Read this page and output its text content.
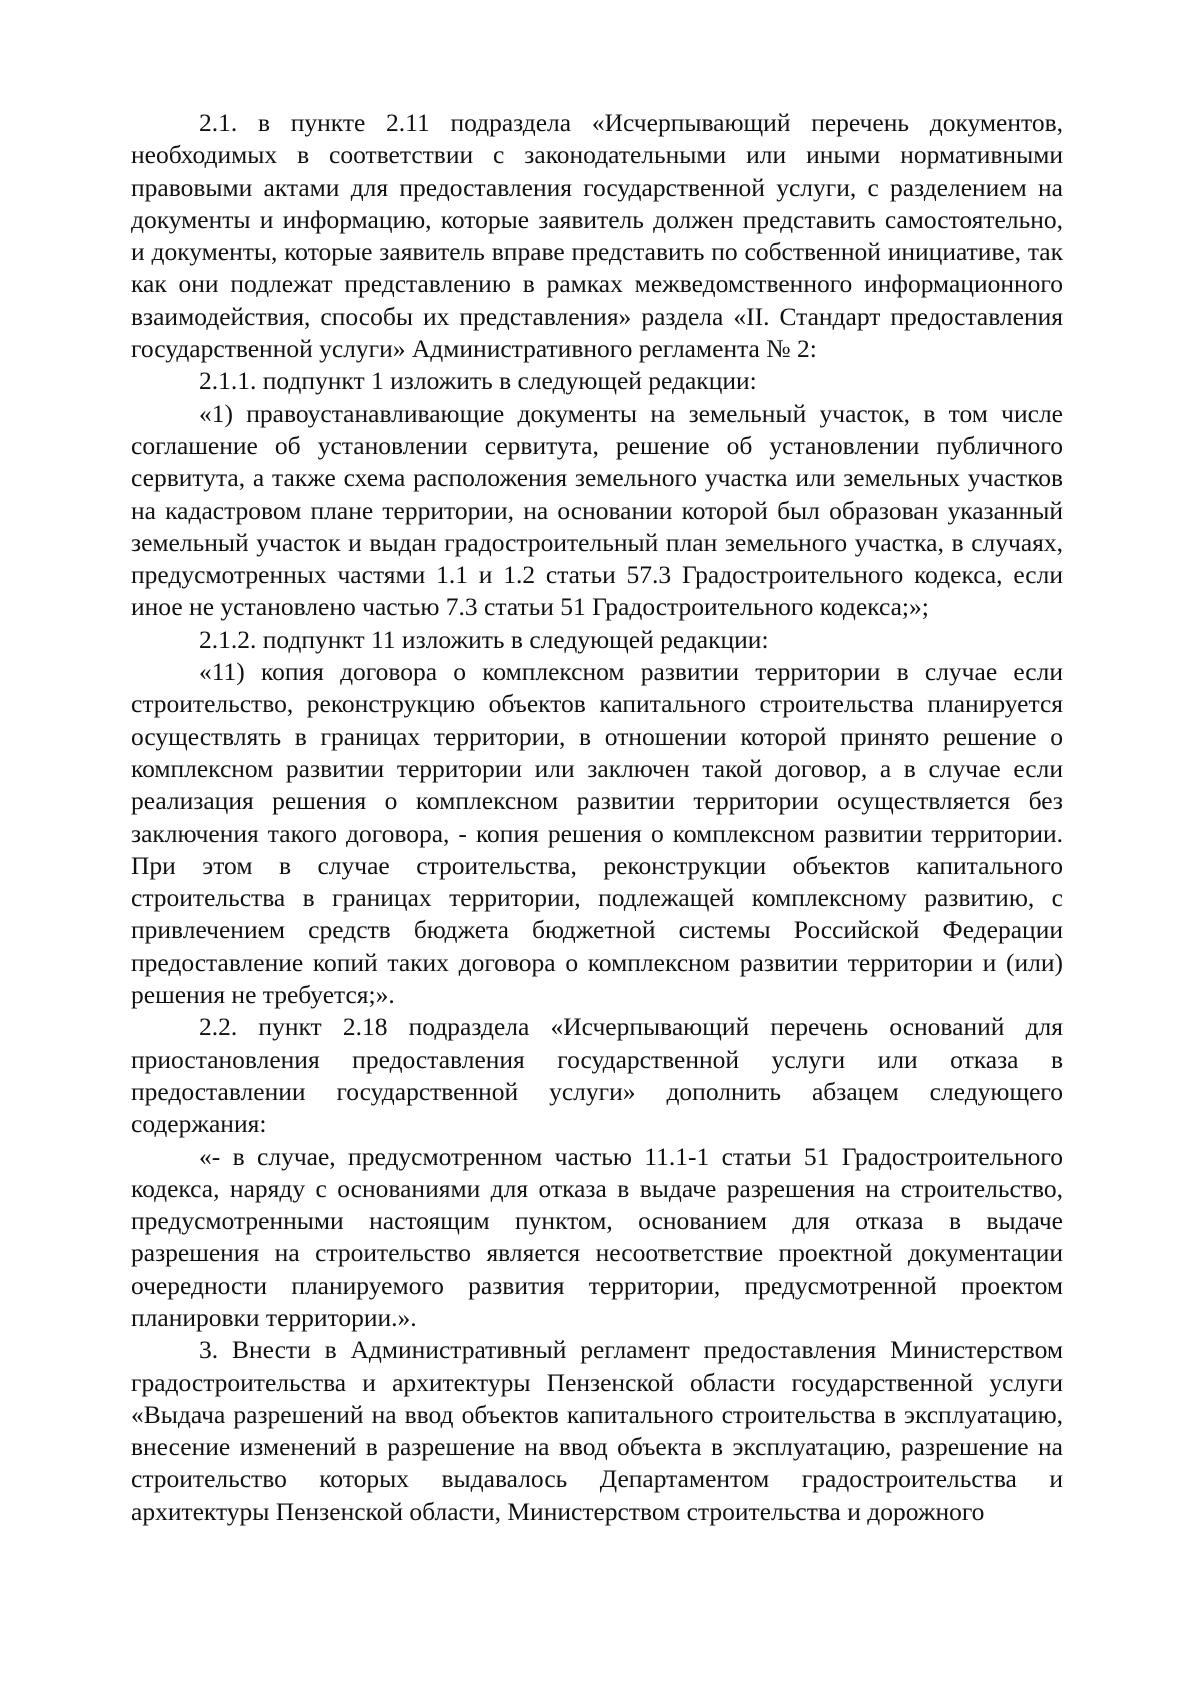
2.1. в пункте 2.11 подраздела «Исчерпывающий перечень документов, необходимых в соответствии с законодательными или иными нормативными правовыми актами для предоставления государственной услуги, с разделением на документы и информацию, которые заявитель должен представить самостоятельно, и документы, которые заявитель вправе представить по собственной инициативе, так как они подлежат представлению в рамках межведомственного информационного взаимодействия, способы их представления» раздела «II. Стандарт предоставления государственной услуги» Административного регламента № 2:

2.1.1. подпункт 1 изложить в следующей редакции:

«1) правоустанавливающие документы на земельный участок, в том числе соглашение об установлении сервитута, решение об установлении публичного сервитута, а также схема расположения земельного участка или земельных участков на кадастровом плане территории, на основании которой был образован указанный земельный участок и выдан градостроительный план земельного участка, в случаях, предусмотренных частями 1.1 и 1.2 статьи 57.3 Градостроительного кодекса, если иное не установлено частью 7.3 статьи 51 Градостроительного кодекса;»;

2.1.2. подпункт 11 изложить в следующей редакции:

«11) копия договора о комплексном развитии территории в случае если строительство, реконструкцию объектов капитального строительства планируется осуществлять в границах территории, в отношении которой принято решение о комплексном развитии территории или заключен такой договор, а в случае если реализация решения о комплексном развитии территории осуществляется без заключения такого договора, - копия решения о комплексном развитии территории. При этом в случае строительства, реконструкции объектов капитального строительства в границах территории, подлежащей комплексному развитию, с привлечением средств бюджета бюджетной системы Российской Федерации предоставление копий таких договора о комплексном развитии территории и (или) решения не требуется;».

2.2. пункт 2.18 подраздела «Исчерпывающий перечень оснований для приостановления предоставления государственной услуги или отказа в предоставлении государственной услуги» дополнить абзацем следующего содержания:

«- в случае, предусмотренном частью 11.1-1 статьи 51 Градостроительного кодекса, наряду с основаниями для отказа в выдаче разрешения на строительство, предусмотренными настоящим пунктом, основанием для отказа в выдаче разрешения на строительство является несоответствие проектной документации очередности планируемого развития территории, предусмотренной проектом планировки территории.».

3. Внести в Административный регламент предоставления Министерством градостроительства и архитектуры Пензенской области государственной услуги «Выдача разрешений на ввод объектов капитального строительства в эксплуатацию, внесение изменений в разрешение на ввод объекта в эксплуатацию, разрешение на строительство которых выдавалось Департаментом градостроительства и архитектуры Пензенской области, Министерством строительства и дорожного
